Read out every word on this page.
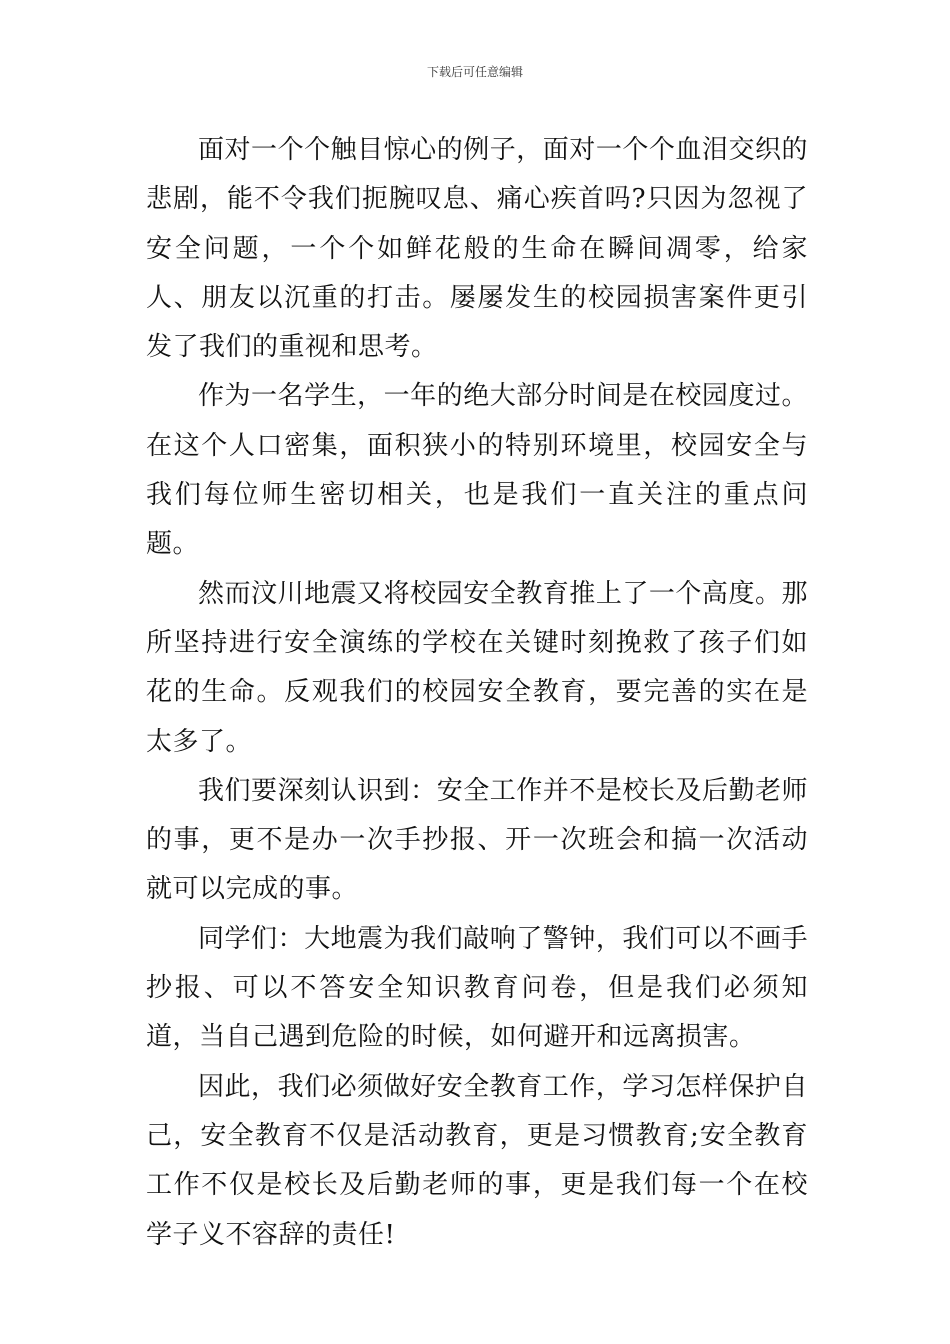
下载后可任意编辑

面对一个个触目惊心的例子，面对一个个血泪交织的悲剧，能不令我们扼腕叹息、痛心疾首吗?只因为忽视了安全问题，一个个如鲜花般的生命在瞬间凋零，给家人、朋友以沉重的打击。屡屡发生的校园损害案件更引发了我们的重视和思考。

作为一名学生，一年的绝大部分时间是在校园度过。在这个人口密集，面积狭小的特别环境里，校园安全与我们每位师生密切相关，也是我们一直关注的重点问题。

然而汶川地震又将校园安全教育推上了一个高度。那所坚持进行安全演练的学校在关键时刻挽救了孩子们如花的生命。反观我们的校园安全教育，要完善的实在是太多了。

我们要深刻认识到：安全工作并不是校长及后勤老师的事，更不是办一次手抄报、开一次班会和搞一次活动就可以完成的事。

同学们：大地震为我们敲响了警钟，我们可以不画手抄报、可以不答安全知识教育问卷，但是我们必须知道，当自己遇到危险的时候，如何避开和远离损害。

因此，我们必须做好安全教育工作，学习怎样保护自己，安全教育不仅是活动教育，更是习惯教育;安全教育工作不仅是校长及后勤老师的事，更是我们每一个在校学子义不容辞的责任!
